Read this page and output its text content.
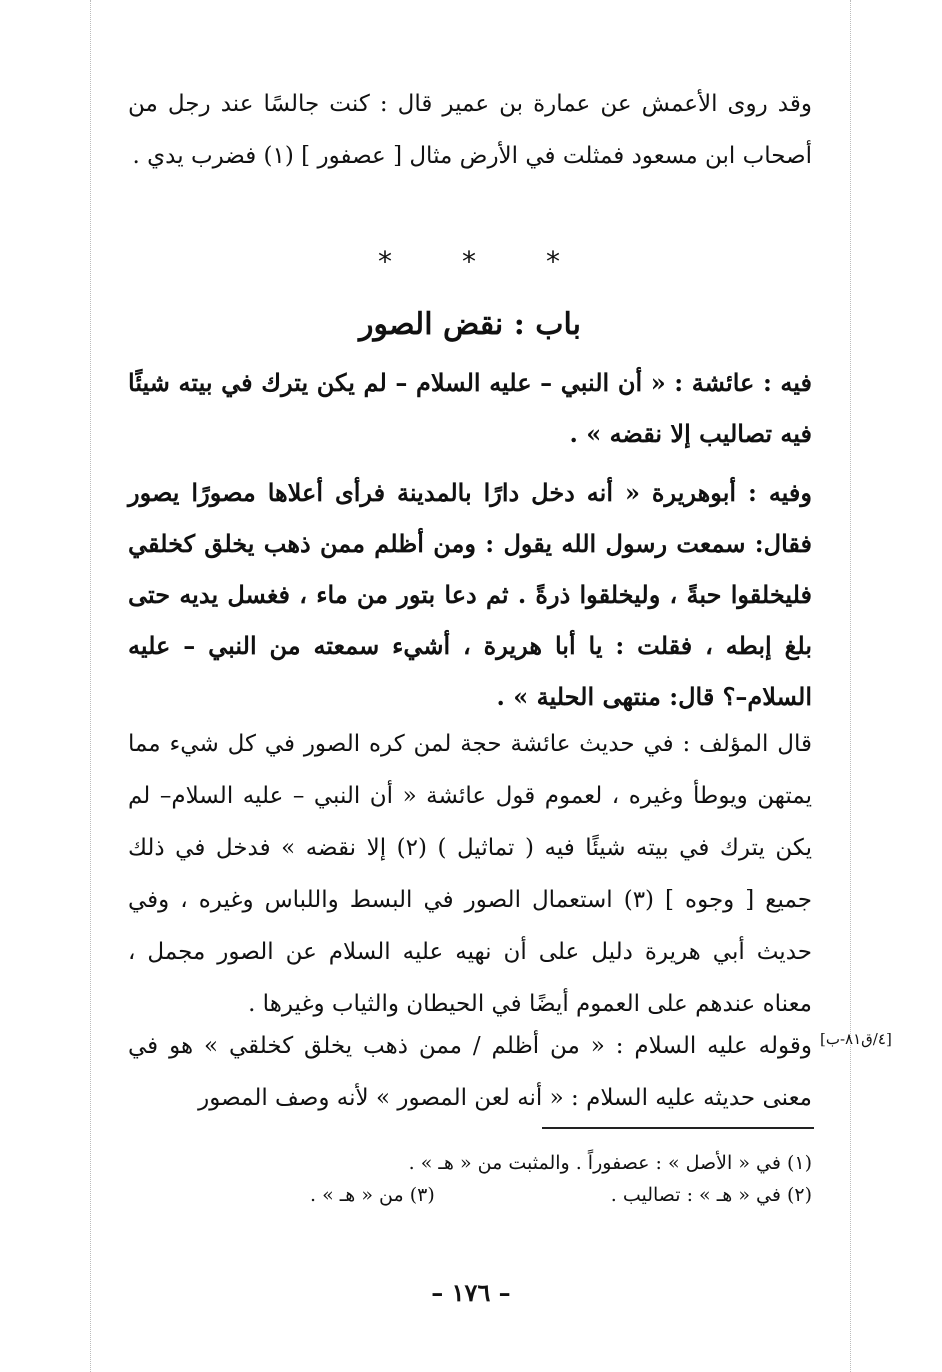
وقد روى الأعمش عن عمارة بن عمير قال : كنت جالسًا عند رجل من أصحاب ابن مسعود فمثلت في الأرض مثال [ عصفور ] (١) فضرب يدي .

*	*	*
باب : نقض الصور

فيه : عائشة : « أن النبي – عليه السلام – لم يكن يترك في بيته شيئًا فيه تصاليب إلا نقضه » .

وفيه : أبوهريرة « أنه دخل دارًا بالمدينة فرأى أعلاها مصورًا يصور فقال: سمعت رسول الله يقول : ومن أظلم ممن ذهب يخلق كخلقي فليخلقوا حبةً ، وليخلقوا ذرةً . ثم دعا بتور من ماء ، فغسل يديه حتى بلغ إبطه ، فقلت : يا أبا هريرة ، أشيء سمعته من النبي – عليه السلام–؟ قال: منتهى الحلية » .

قال المؤلف : في حديث عائشة حجة لمن كره الصور في كل شيء مما يمتهن ويوطأ وغيره ، لعموم قول عائشة « أن النبي – عليه السلام– لم يكن يترك في بيته شيئًا فيه ( تماثيل ) (٢) إلا نقضه » فدخل في ذلك جميع [ وجوه ] (٣) استعمال الصور في البسط واللباس وغيره ، وفي حديث أبي هريرة دليل على أن نهيه عليه السلام عن الصور مجمل ، معناه عندهم على العموم أيضًا في الحيطان والثياب وغيرها .

وقوله عليه السلام : « من أظلم / ممن ذهب يخلق كخلقي » هو في معنى حديثه عليه السلام : « أنه لعن المصور » لأنه وصف المصور

[٤/ق٨١-ب]

(١) في « الأصل » : عصفوراً . والمثبت من « هـ » .

(٢) في « هـ » : تصاليب .

(٣) من « هـ » .

– ١٧٦ –
